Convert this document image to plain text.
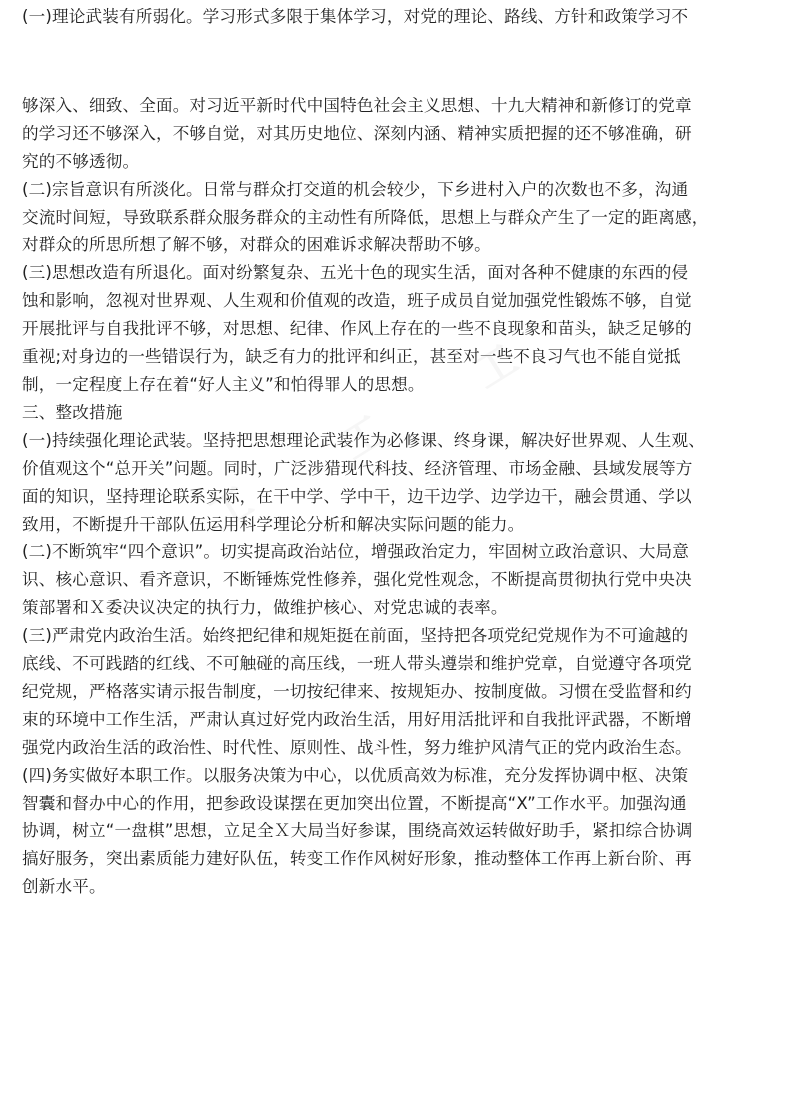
工
工
工
(一)理论武装有所弱化。学习形式多限于集体学习，对党的理论、路线、方针和政策学习不
够深入、细致、全面。对习近平新时代中国特色社会主义思想、十九大精神和新修订的党章
的学习还不够深入，不够自觉，对其历史地位、深刻内涵、精神实质把握的还不够准确，研
究的不够透彻。
(二)宗旨意识有所淡化。日常与群众打交道的机会较少，下乡进村入户的次数也不多，沟通
交流时间短，导致联系群众服务群众的主动性有所降低，思想上与群众产生了一定的距离感，
对群众的所思所想了解不够，对群众的困难诉求解决帮助不够。
(三)思想改造有所退化。面对纷繁复杂、五光十色的现实生活，面对各种不健康的东西的侵
蚀和影响，忽视对世界观、人生观和价值观的改造，班子成员自觉加强党性锻炼不够，自觉
开展批评与自我批评不够，对思想、纪律、作风上存在的一些不良现象和苗头，缺乏足够的
重视;对身边的一些错误行为，缺乏有力的批评和纠正，甚至对一些不良习气也不能自觉抵
制，一定程度上存在着“好人主义”和怕得罪人的思想。
三、整改措施
(一)持续强化理论武装。坚持把思想理论武装作为必修课、终身课，解决好世界观、人生观、
价值观这个“总开关”问题。同时，广泛涉猎现代科技、经济管理、市场金融、县域发展等方
面的知识，坚持理论联系实际，在干中学、学中干，边干边学、边学边干，融会贯通、学以
致用，不断提升干部队伍运用科学理论分析和解决实际问题的能力。
(二)不断筑牢“四个意识”。切实提高政治站位，增强政治定力，牢固树立政治意识、大局意
识、核心意识、看齐意识，不断锤炼党性修养，强化党性观念，不断提高贯彻执行党中央决
策部署和Ｘ委决议决定的执行力，做维护核心、对党忠诚的表率。
(三)严肃党内政治生活。始终把纪律和规矩挺在前面，坚持把各项党纪党规作为不可逾越的
底线、不可践踏的红线、不可触碰的高压线，一班人带头遵崇和维护党章，自觉遵守各项党
纪党规，严格落实请示报告制度，一切按纪律来、按规矩办、按制度做。习惯在受监督和约
束的环境中工作生活，严肃认真过好党内政治生活，用好用活批评和自我批评武器，不断增
强党内政治生活的政治性、时代性、原则性、战斗性，努力维护风清气正的党内政治生态。
(四)务实做好本职工作。以服务决策为中心，以优质高效为标准，充分发挥协调中枢、决策
智囊和督办中心的作用，把参政设谋摆在更加突出位置，不断提高“X”工作水平。加强沟通
协调，树立“一盘棋”思想，立足全Ｘ大局当好参谋，围绕高效运转做好助手，紧扣综合协调
搞好服务，突出素质能力建好队伍，转变工作作风树好形象，推动整体工作再上新台阶、再
创新水平。
